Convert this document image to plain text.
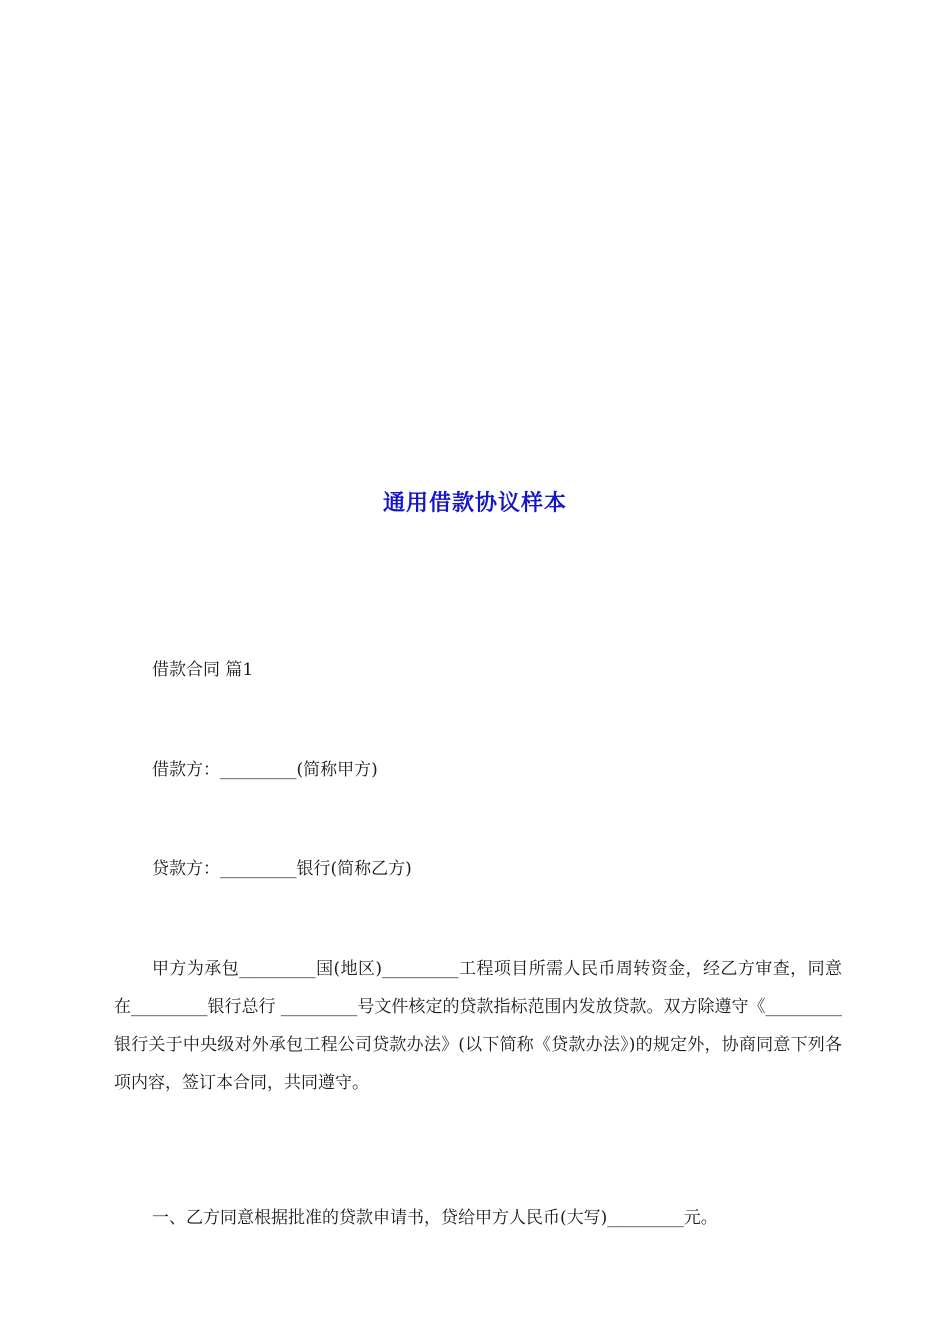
通用借款协议样本
借款合同 篇1
借款方：_________(简称甲方)
贷款方：_________银行(简称乙方)
甲方为承包_________国(地区)_________工程项目所需人民币周转资金，经乙方审查，同意在_________银行总行 _________号文件核定的贷款指标范围内发放贷款。双方除遵守《_________银行关于中央级对外承包工程公司贷款办法》(以下简称《贷款办法》)的规定外，协商同意下列各项内容，签订本合同，共同遵守。
一、乙方同意根据批准的贷款申请书，贷给甲方人民币(大写)_________元。
